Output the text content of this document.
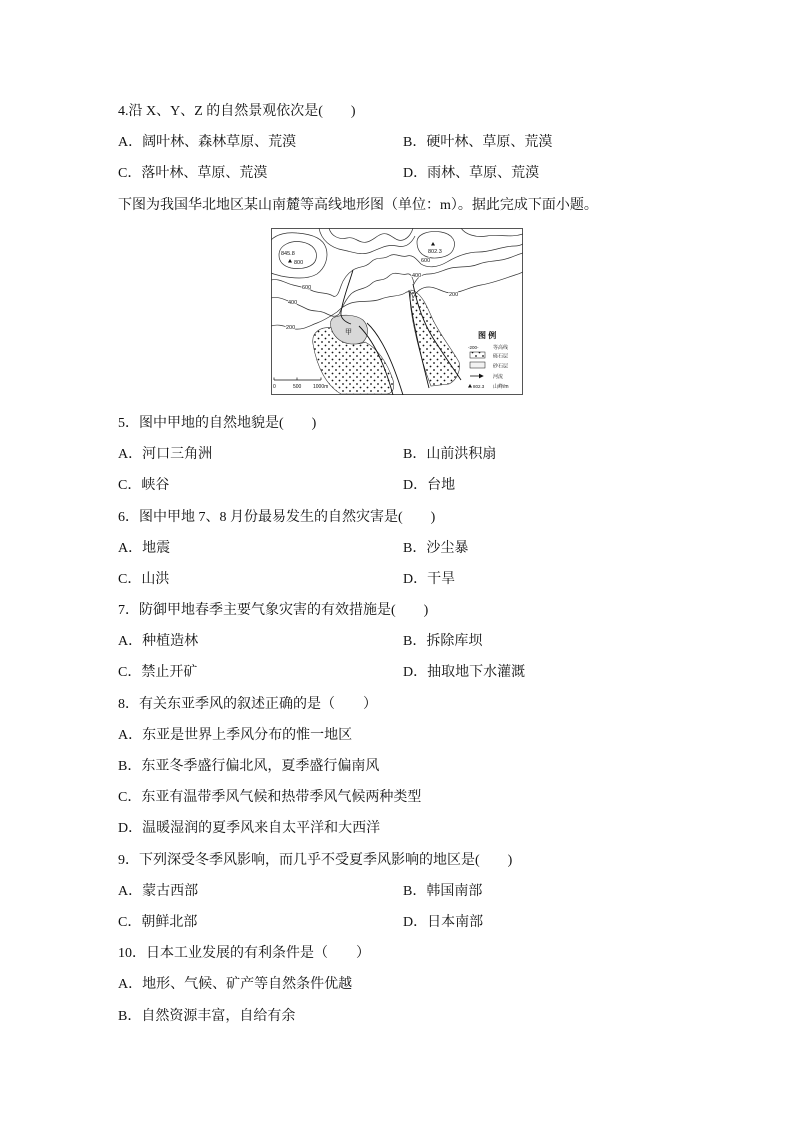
4.沿 X、Y、Z 的自然景观依次是(　　)
A．阔叶林、森林草原、荒漠	B．硬叶林、草原、荒漠
C．落叶林、草原、荒漠	D．雨林、草原、荒漠
下图为我国华北地区某山南麓等高线地形图（单位：m）。据此完成下面小题。
845.8
800
802.3
600
400
200
600
400
200
甲
0	500 1000m
图 例
-200-	等高线
砾石层
砂石层
河流
802.3 山峰/m
5．图中甲地的自然地貌是(　　)
A．河口三角洲	B．山前洪积扇
C．峡谷	D．台地
6．图中甲地 7、8 月份最易发生的自然灾害是(　　)
A．地震	B．沙尘暴
C．山洪	D．干旱
7．防御甲地春季主要气象灾害的有效措施是(　　)
A．种植造林	B．拆除库坝
C．禁止开矿	D．抽取地下水灌溉
8．有关东亚季风的叙述正确的是（　　）
A．东亚是世界上季风分布的惟一地区
B．东亚冬季盛行偏北风，夏季盛行偏南风
C．东亚有温带季风气候和热带季风气候两种类型
D．温暖湿润的夏季风来自太平洋和大西洋
9．下列深受冬季风影响，而几乎不受夏季风影响的地区是(　　)
A．蒙古西部	B．韩国南部
C．朝鲜北部	D．日本南部
10．日本工业发展的有利条件是（　　）
A．地形、气候、矿产等自然条件优越
B．自然资源丰富，自给有余
